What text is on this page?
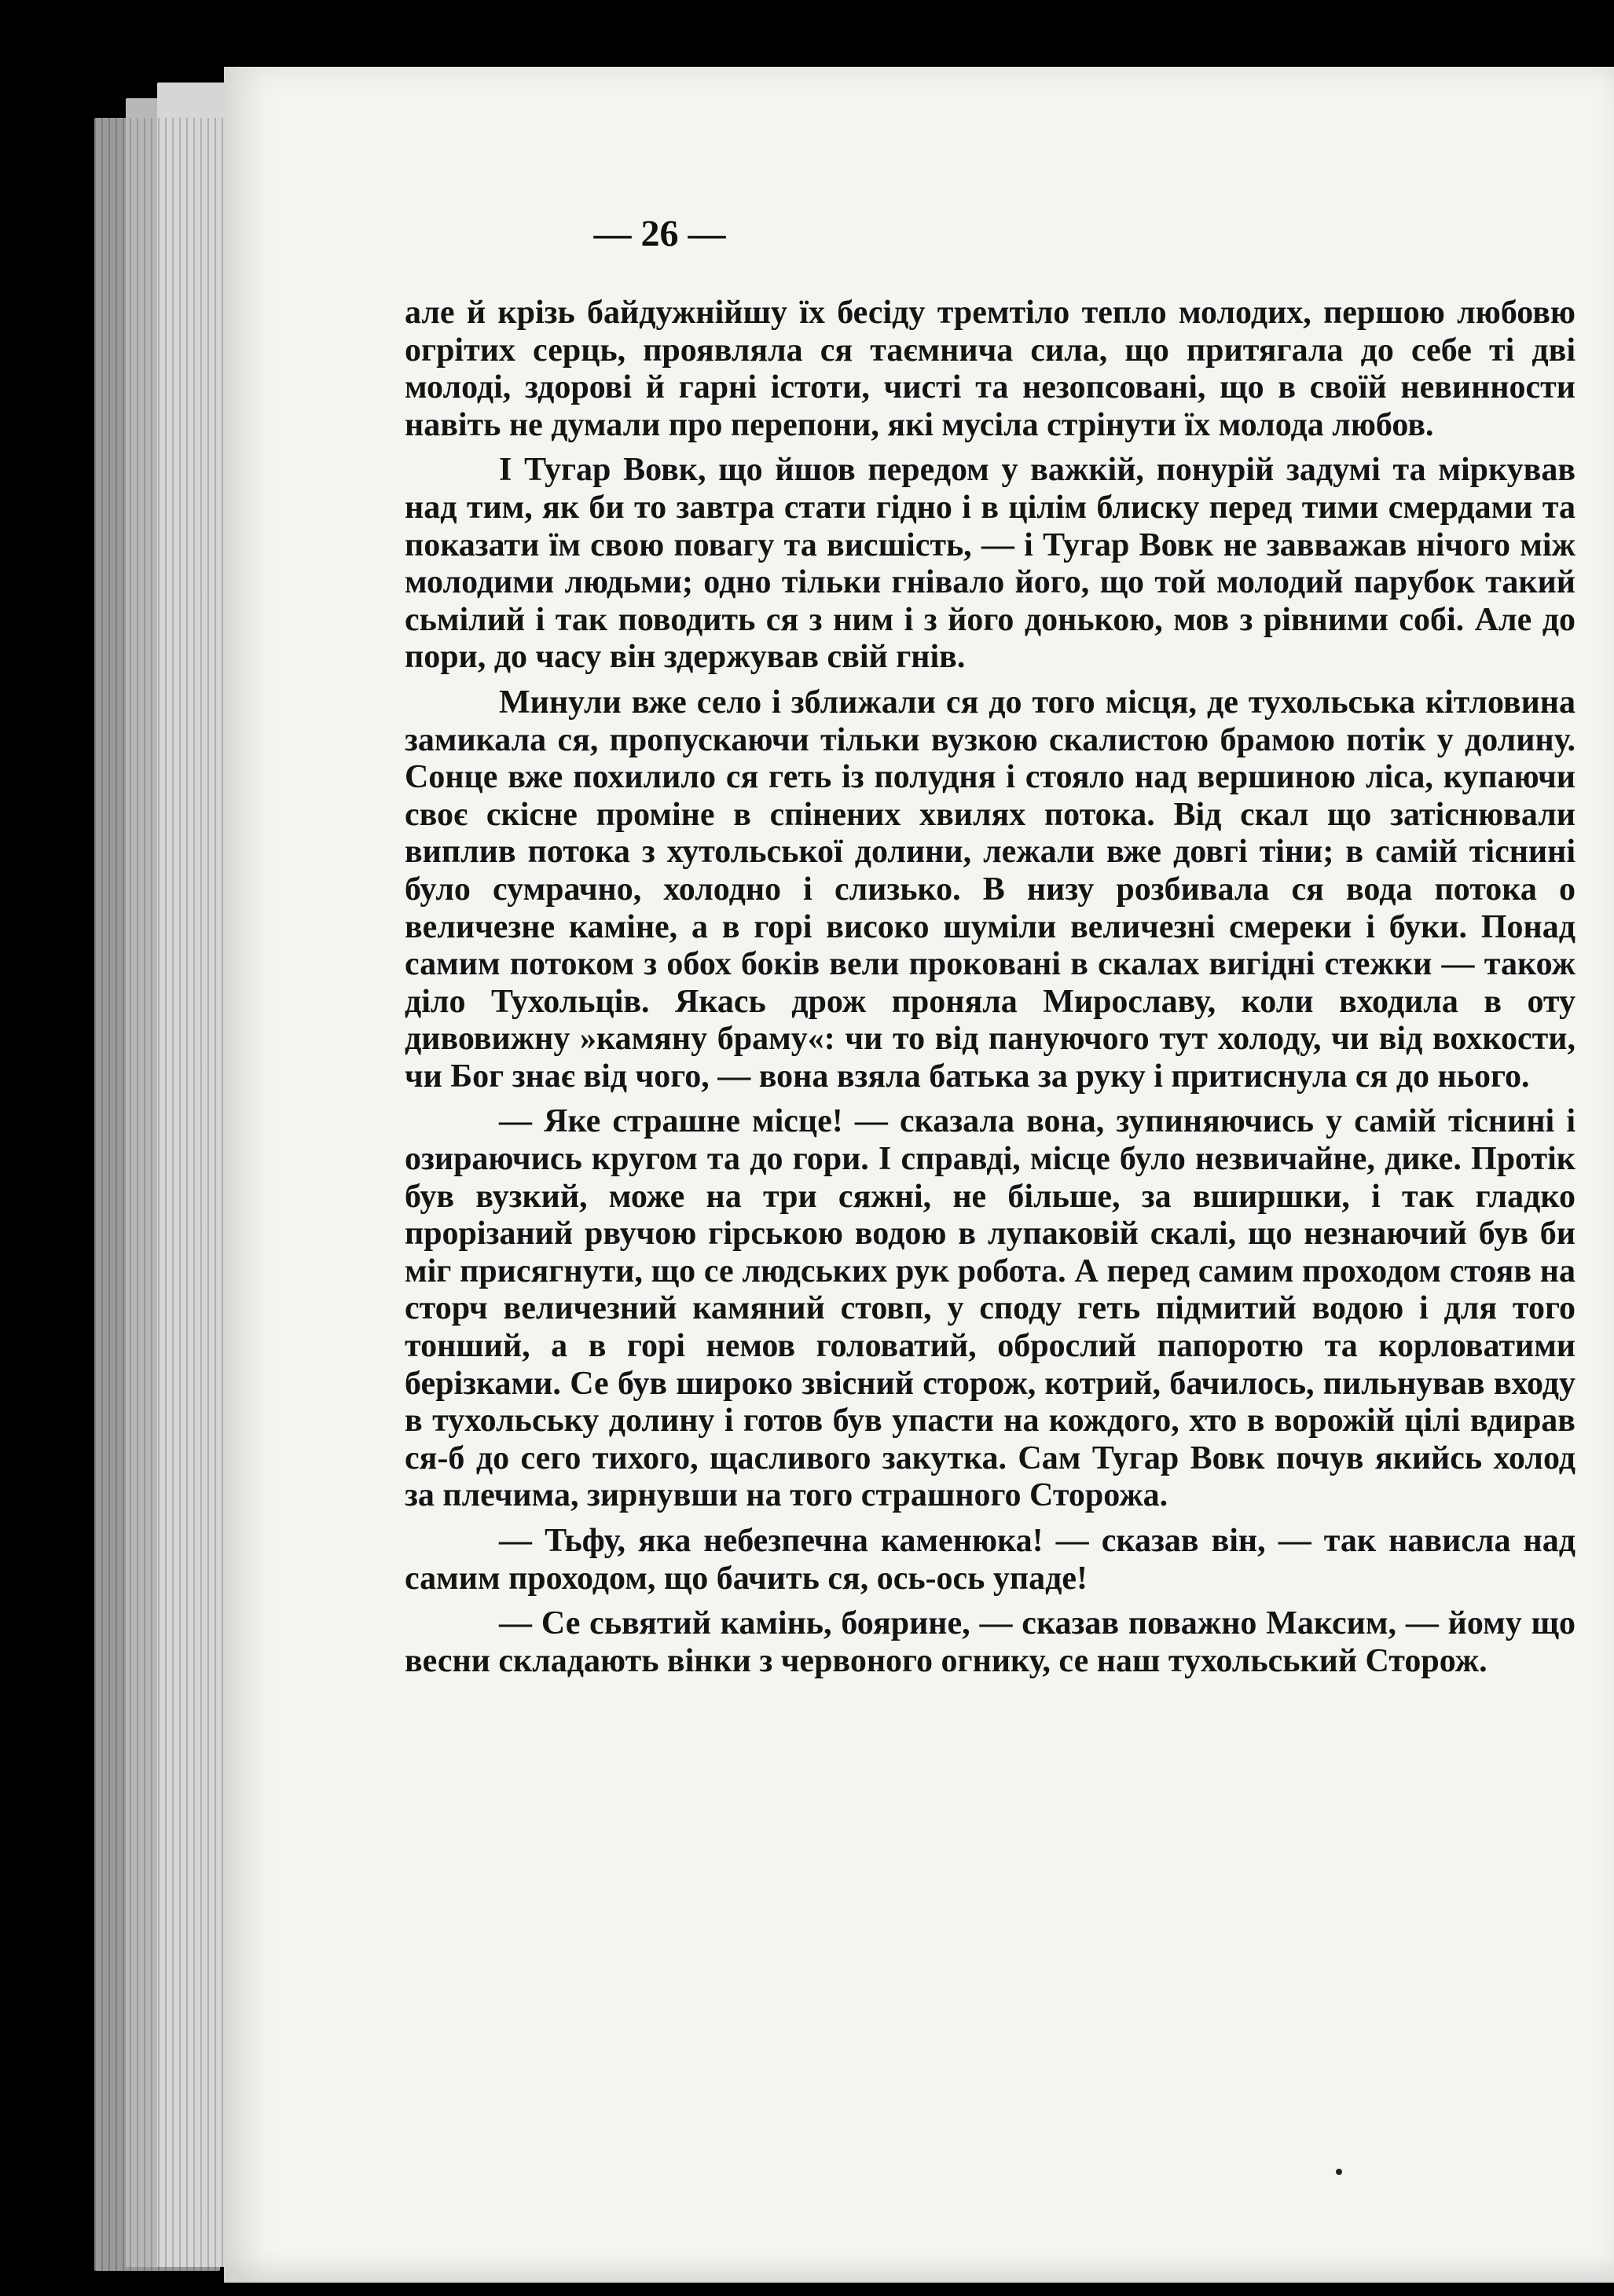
— 26 —

але й крізь байдужнійшу їх бесіду тремтіло тепло молодих, першою любовю огрітих серць, проявляла ся таємнича сила, що притягала до себе ті дві молоді, здорові й гарні істоти, чисті та незопсовані, що в своїй невинности навіть не думали про перепони, які мусіла стрінути їх молода любов.

І Тугар Вовк, що йшов передом у важкій, понурій задумі та міркував над тим, як би то завтра стати гідно і в цілім блиску перед тими смердами та показати їм свою повагу та висшість, — і Тугар Вовк не завважав нічого між молодими людьми; одно тільки гнівало його, що той молодий парубок такий сьмілий і так поводить ся з ним і з його донькою, мов з рівними собі. Але до пори, до часу він здержував свій гнів.

Минули вже село і зближали ся до того місця, де тухольська кітловина замикала ся, пропускаючи тільки вузкою скалистою брамою потік у долину. Сонце вже похилило ся геть із полудня і стояло над вершиною ліса, купаючи своє скісне проміне в спінених хвилях потока. Від скал що затіснювали виплив потока з хутольської долини, лежали вже довгі тіни; в самій тіснині було сумрачно, холодно і слизько. В низу розбивала ся вода потока о величезне каміне, а в горі високо шуміли величезні смереки і буки. Понад самим потоком з обох боків вели прокoвані в скалах вигідні стежки — також діло Тухольців. Якась дрож проняла Мирославу, коли входила в оту дивовижну »камяну браму«: чи то від пануючого тут холоду, чи від вохкости, чи Бог знає від чого, — вона взяла батька за руку і притиснула ся до нього.

— Яке страшне місце! — сказала вона, зупиняючись у самій тіснині і озираючись кругом та до гори. І справді, місце було незвичайне, дике. Протік був вузкий, може на три сяжні, не більше, за вширшки, і так гладко прорізаний рвучою гірською водою в лупаковій скалі, що незнаючий був би міг присягнути, що се людських рук робота. А перед самим проходом стояв на сторч величезний камяний стовп, у споду геть підмитий водою і для того тонший, а в горі немов головатий, оброслий папоротю та корловатими берізками. Се був широко звісний сторож, котрий, бачилось, пильнував входу в тухольську долину і готов був упасти на кождого, хто в ворожій цілі вдирав ся-б до сего тихого, щасливого закутка. Сам Тугар Вовк почув якийсь холод за плечима, зирнувши на того страшного Сторожа.

— Тьфу, яка небезпечна каменюка! — сказав він, — так нависла над самим проходом, що бачить ся, ось-ось упаде!

— Се сьвятий камінь, боярине, — сказав поважно Максим, — йому що весни складають вінки з червоного огнику, се наш тухольський Сторож.
